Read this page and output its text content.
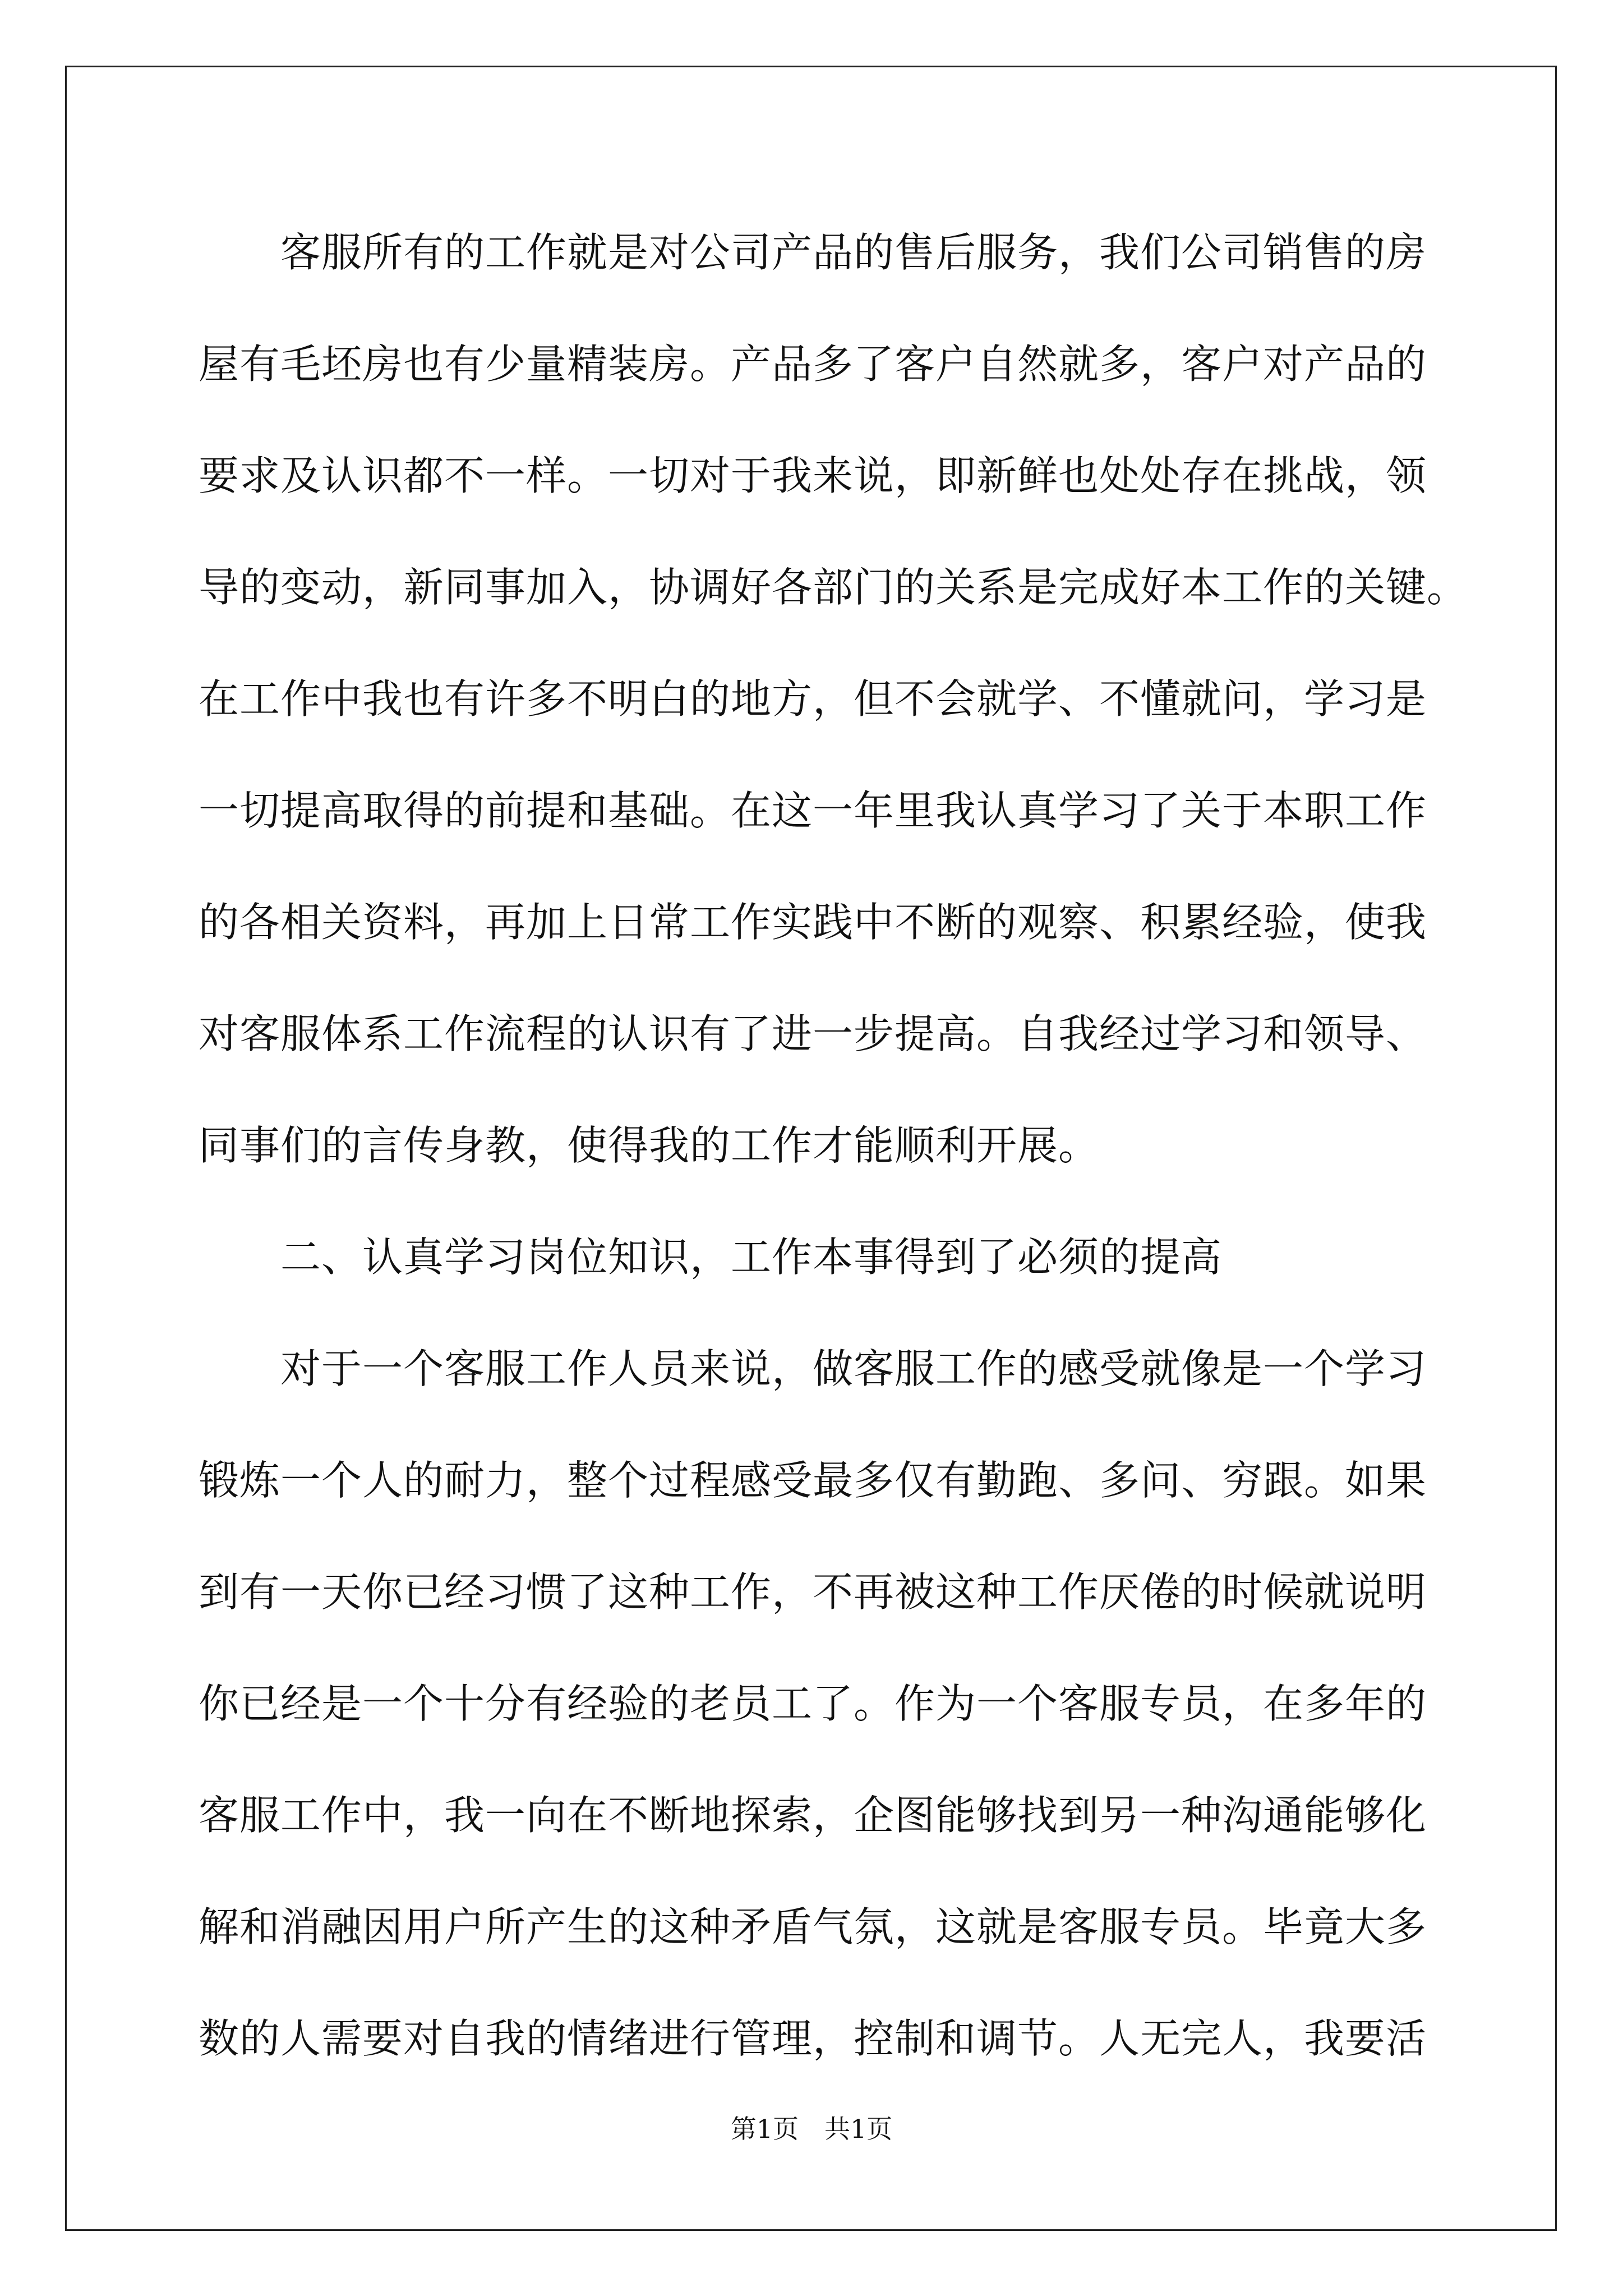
客服所有的工作就是对公司产品的售后服务，我们公司销售的房
屋有毛坯房也有少量精装房。产品多了客户自然就多，客户对产品的
要求及认识都不一样。一切对于我来说，即新鲜也处处存在挑战，领
导的变动，新同事加入，协调好各部门的关系是完成好本工作的关键。
在工作中我也有许多不明白的地方，但不会就学、不懂就问，学习是
一切提高取得的前提和基础。在这一年里我认真学习了关于本职工作
的各相关资料，再加上日常工作实践中不断的观察、积累经验，使我
对客服体系工作流程的认识有了进一步提高。自我经过学习和领导、
同事们的言传身教，使得我的工作才能顺利开展。
二、认真学习岗位知识，工作本事得到了必须的提高
对于一个客服工作人员来说，做客服工作的感受就像是一个学习
锻炼一个人的耐力，整个过程感受最多仅有勤跑、多问、穷跟。如果
到有一天你已经习惯了这种工作，不再被这种工作厌倦的时候就说明
你已经是一个十分有经验的老员工了。作为一个客服专员，在多年的
客服工作中，我一向在不断地探索，企图能够找到另一种沟通能够化
解和消融因用户所产生的这种矛盾气氛，这就是客服专员。毕竟大多
数的人需要对自我的情绪进行管理，控制和调节。人无完人，我要活
第1页　共1页
